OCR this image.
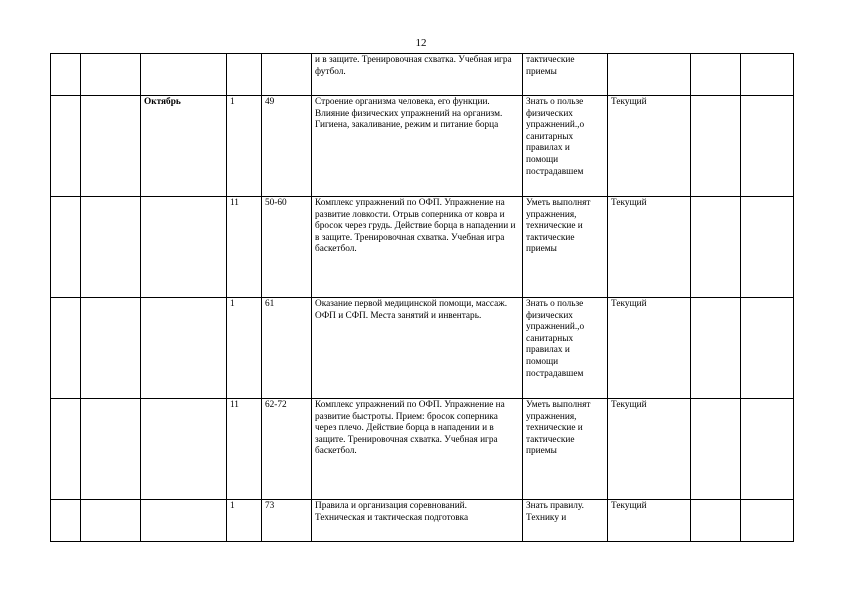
12
					и в защите. Тренировочная схватка. Учебная игра футбол.	тактические приемы			
		Октябрь	1	49	Строение организма человека, его функции. Влияние физических упражнений на организм. Гигиена, закаливание, режим и питание борца	Знать о пользе физических упражнений.,о санитарных правилах и помощи пострадавшем	Текущий		
			11	50-60	Комплекс упражнений по ОФП. Упражнение на развитие ловкости. Отрыв соперника от ковра и бросок через грудь. Действие борца в нападении и в защите. Тренировочная схватка. Учебная игра баскетбол.	Уметь выполнят упражнения, технические и тактические приемы	Текущий		
			1	61	Оказание первой медицинской помощи, массаж. ОФП и СФП. Места занятий и инвентарь.	Знать о пользе физических упражнений.,о санитарных правилах и помощи пострадавшем	Текущий		
			11	62-72	Комплекс упражнений по ОФП. Упражнение на развитие быстроты. Прием: бросок соперника через плечо. Действие борца в нападении и в защите. Тренировочная схватка. Учебная игра баскетбол.	Уметь выполнят упражнения, технические и тактические приемы	Текущий		
			1	73	Правила и организация соревнований. Техническая и тактическая подготовка	Знать правилу. Технику и	Текущий		
